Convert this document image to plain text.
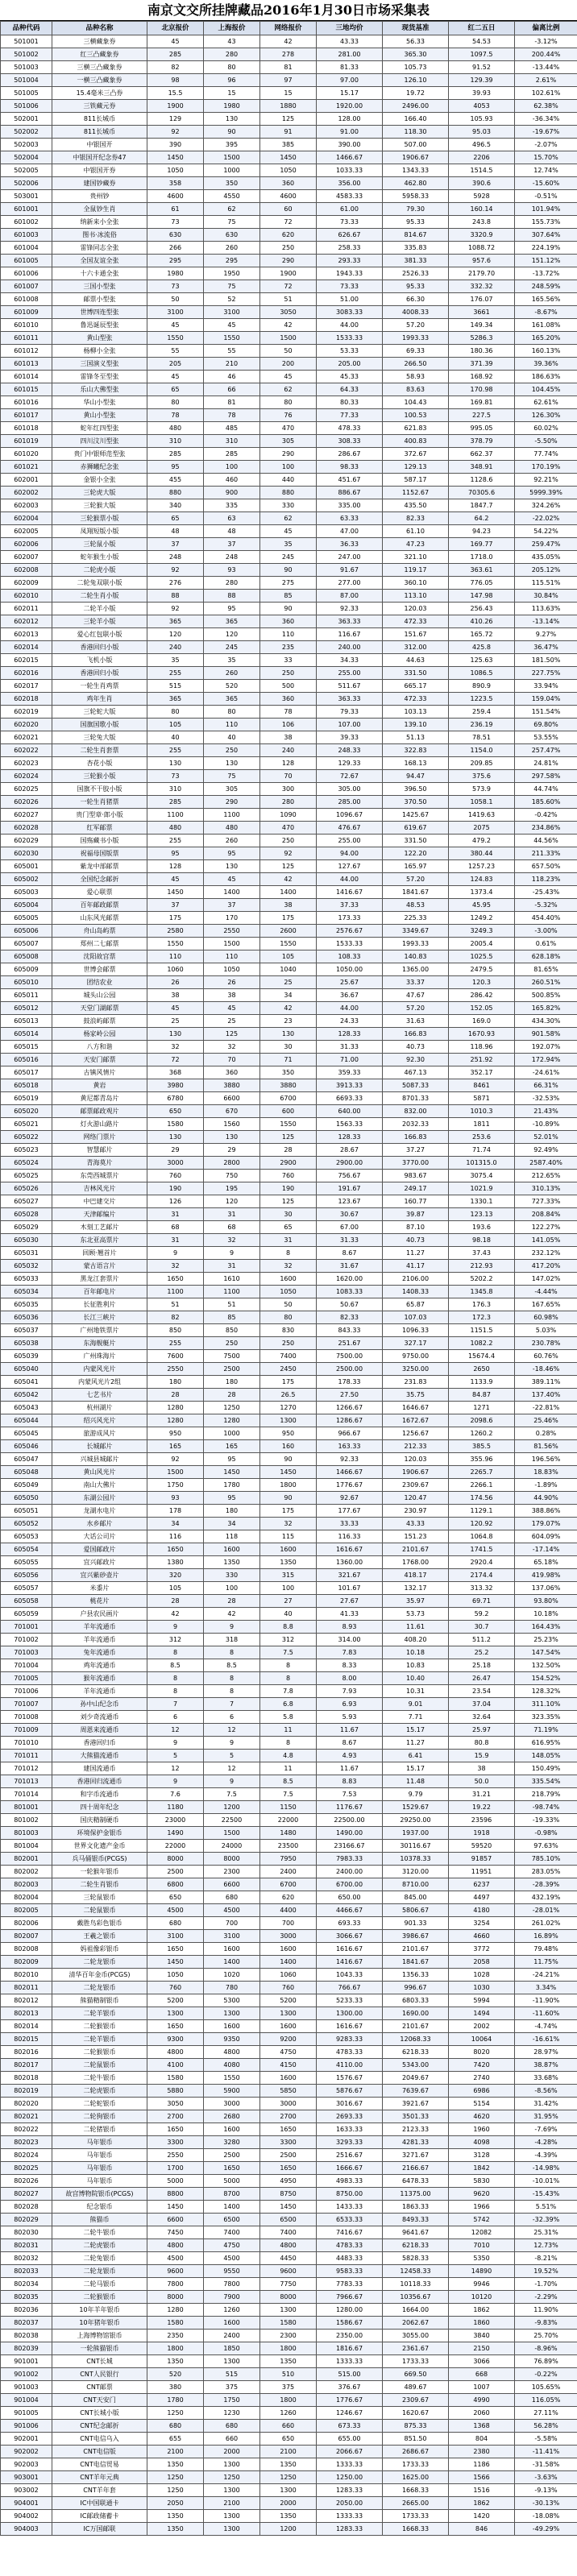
南京文交所挂牌藏品2016年1月30日市场采集表
品种代码	品种名称	北京报价	上海报价	网络报价	三地均价	现货基准	红二五日	偏离比例
501001	三横藏象券	45	43	42	43.33	56.33	54.53	-3.12%
501002	红三凸藏象券	285	280	278	281.00	365.30	1097.5	200.44%
501003	三横三凸藏象券	82	80	81	81.33	105.73	91.52	-13.44%
501004	一横三凸藏象券	98	96	97	97.00	126.10	129.39	2.61%
501005	15.4毫米三凸券	15.5	15	15	15.17	19.72	39.93	102.61%
501006	三铁藏元券	1900	1980	1880	1920.00	2496.00	4053	62.38%
502001	811长城币	129	130	125	128.00	166.40	105.93	-36.34%
502002	811长城币	92	90	91	91.00	118.30	95.03	-19.67%
502003	中银国开	390	395	385	390.00	507.00	496.5	-2.07%
502004	中银国开纪念券47	1450	1500	1450	1466.67	1906.67	2206	15.70%
502005	中银国开券	1050	1000	1050	1033.33	1343.33	1514.5	12.74%
502006	建国钞藏券	358	350	360	356.00	462.80	390.6	-15.60%
503001	贵州钞	4600	4550	4600	4583.33	5958.33	5928	-0.51%
601001	全鼠钞生肖	61	62	60	61.00	79.30	160.14	101.94%
601002	纳新来小全张	73	75	72	73.33	95.33	243.8	155.73%
601003	图书·冰流俗	630	630	620	626.67	814.67	3320.9	307.64%
601004	雷锋同志全张	266	260	250	258.33	335.83	1088.72	224.19%
601005	全国友谊全张	295	295	290	293.33	381.33	957.6	151.12%
601006	十六卡通全张	1980	1950	1900	1943.33	2526.33	2179.70	-13.72%
601007	三国小型张	73	75	72	73.33	95.33	332.32	248.59%
601008	邮票小型张	50	52	51	51.00	66.30	176.07	165.56%
601009	世博四连型张	3100	3100	3050	3083.33	4008.33	3661	-8.67%
601010	鲁迅诞辰型张	45	45	42	44.00	57.20	149.34	161.08%
601011	黄山型张	1550	1550	1500	1533.33	1993.33	5286.3	165.20%
601012	杨柳小全张	55	55	50	53.33	69.33	180.36	160.13%
601013	三国演义型张	205	210	200	205.00	266.50	371.39	39.36%
601014	雷锋冬至型张	45	46	45	45.33	58.93	168.92	186.63%
601015	乐山大佛型张	65	66	62	64.33	83.63	170.98	104.45%
601016	华山小型张	80	81	80	80.33	104.43	169.81	62.61%
601017	黄山小型张	78	78	76	77.33	100.53	227.5	126.30%
601018	蛇年红四型张	480	485	470	478.33	621.83	995.05	60.02%
601019	四川汶川型张	310	310	305	308.33	400.83	378.79	-5.50%
601020	贵门中银师范型张	285	285	290	286.67	372.67	662.37	77.74%
601021	赤狮曦纪念张	95	100	100	98.33	129.13	348.91	170.19%
602001	金银小全张	455	460	440	451.67	587.17	1128.6	92.21%
602002	三轮虎大版	880	900	880	886.67	1152.67	70305.6	5999.39%
602003	三轮猴大版	340	335	330	335.00	435.50	1847.7	324.26%
602004	三轮猴票小版	65	63	62	63.33	82.33	64.2	-22.02%
602005	凤翔短版小版	48	48	45	47.00	61.10	94.23	54.22%
602006	三轮鼠小版	37	37	35	36.33	47.23	169.77	259.47%
602007	蛇年猴生小版	248	248	245	247.00	321.10	1718.0	435.05%
602008	二轮虎小版	92	93	90	91.67	119.17	363.61	205.12%
602009	二轮兔双联小版	276	280	275	277.00	360.10	776.05	115.51%
602010	二轮生肖小版	88	88	85	87.00	113.10	147.98	30.84%
602011	二轮羊小版	92	95	90	92.33	120.03	256.43	113.63%
602012	三轮羊小版	365	365	360	363.33	472.33	410.26	-13.14%
602013	爱心红包联小版	120	120	110	116.67	151.67	165.72	9.27%
602014	香港回归小版	240	245	235	240.00	312.00	425.8	36.47%
602015	飞机小版	35	35	33	34.33	44.63	125.63	181.50%
602016	香港回归小版	255	260	250	255.00	331.50	1086.5	227.75%
602017	一轮生肖鸡票	515	520	500	511.67	665.17	890.9	33.94%
602018	鸡年生肖	365	365	360	363.33	472.33	1223.5	159.04%
602019	三轮蛇大版	80	80	78	79.33	103.13	259.4	151.54%
602020	国旗国歌小版	105	110	106	107.00	139.10	236.19	69.80%
602021	三轮兔大版	40	40	38	39.33	51.13	78.51	53.55%
602022	二轮生肖套票	255	250	240	248.33	322.83	1154.0	257.47%
602023	杏花小版	130	130	128	129.33	168.13	209.85	24.81%
602024	三轮猴小版	73	75	70	72.67	94.47	375.6	297.58%
602025	国旗不干胶小版	310	305	300	305.00	396.50	573.9	44.74%
602026	一轮生肖猪票	285	290	280	285.00	370.50	1058.1	185.60%
602027	贵门型章·郎小版	1100	1100	1090	1096.67	1425.67	1419.63	-0.42%
602028	红军邮票	480	480	470	476.67	619.67	2075	234.86%
602029	国殇藏书小版	255	260	250	255.00	331.50	479.2	44.56%
602030	祝福母国版票	95	95	92	94.00	122.20	380.44	211.33%
605001	紫龙中部邮票	128	130	125	127.67	165.97	1257.23	657.50%
605002	全国纪念邮折	45	45	42	44.00	57.20	124.83	118.23%
605003	爱心联票	1450	1400	1400	1416.67	1841.67	1373.4	-25.43%
605004	百年邮政邮票	37	37	38	37.33	48.53	45.95	-5.32%
605005	山东风光邮票	175	170	175	173.33	225.33	1249.2	454.40%
605006	舟山岛屿票	2580	2550	2600	2576.67	3349.67	3249.3	-3.00%
605007	郑州二七邮票	1550	1500	1550	1533.33	1993.33	2005.4	0.61%
605008	沈阳故宫票	110	110	105	108.33	140.83	1025.5	628.18%
605009	世博会邮票	1060	1050	1040	1050.00	1365.00	2479.5	81.65%
605010	团结农业	26	26	25	25.67	33.37	120.3	260.51%
605011	城头山公园	38	38	34	36.67	47.67	286.42	500.85%
605012	天堂门湖邮票	45	45	42	44.00	57.20	152.05	165.82%
605013	鼓浪屿邮票	25	25	23	24.33	31.63	169.0	434.30%
605014	杨家岭公园	130	125	130	128.33	166.83	1670.93	901.58%
605015	八方和谐	32	32	30	31.33	40.73	118.96	192.07%
605016	天安门邮票	72	70	71	71.00	92.30	251.92	172.94%
605017	古镇风情片	368	360	350	359.33	467.13	352.17	-24.61%
605018	黄岩	3980	3880	3880	3913.33	5087.33	8461	66.31%
605019	黄尼都青岛片	6780	6600	6700	6693.33	8701.33	5871	-32.53%
605020	邮票邮政观片	650	670	600	640.00	832.00	1010.3	21.43%
605021	灯火游山路片	1580	1560	1550	1563.33	2032.33	1811	-10.89%
605022	网络门票片	130	130	125	128.33	166.83	253.6	52.01%
605023	智慧邮片	29	29	28	28.67	37.27	71.74	92.49%
605024	青海莫片	3000	2800	2900	2900.00	3770.00	101315.0	2587.40%
605025	东莞西城票片	760	750	760	756.67	983.67	3075.4	212.65%
605026	吉林风光片	190	195	190	191.67	249.17	1021.9	310.13%
605027	中巴建交片	126	120	125	123.67	160.77	1330.1	727.33%
605028	天津邮编片	31	31	30	30.67	39.87	123.13	208.84%
605029	木刻工艺邮片	68	68	65	67.00	87.10	193.6	122.27%
605030	东北亚高票片	31	32	31	31.33	40.73	98.18	141.05%
605031	回顾·翘首片	9	9	8	8.67	11.27	37.43	232.12%
605032	蒙古语言片	32	31	32	31.67	41.17	212.93	417.20%
605033	黑龙江套票片	1650	1610	1600	1620.00	2106.00	5202.2	147.02%
605034	百年邮电片	1100	1100	1050	1083.33	1408.33	1345.8	-4.44%
605035	长征胜利片	51	51	50	50.67	65.87	176.3	167.65%
605036	长江三峡片	82	85	80	82.33	107.03	172.3	60.98%
605037	广州地铁票片	850	850	830	843.33	1096.33	1151.5	5.03%
605038	东海舰艇片	255	250	250	251.67	327.17	1082.2	230.78%
605039	广州珠海片	7600	7500	7400	7500.00	9750.00	15674.4	60.76%
605040	内蒙风光片	2550	2500	2450	2500.00	3250.00	2650	-18.46%
605041	内蒙风光片2组	180	180	175	178.33	231.83	1133.9	389.11%
605042	七艺书片	28	28	26.5	27.50	35.75	84.87	137.40%
605043	杭州湖片	1280	1250	1270	1266.67	1646.67	1271	-22.81%
605044	绍兴风光片	1280	1280	1300	1286.67	1672.67	2098.6	25.46%
605045	旅游成风片	950	1000	950	966.67	1256.67	1260.2	0.28%
605046	长城邮片	165	165	160	163.33	212.33	385.5	81.56%
605047	兴城县城邮片	92	95	90	92.33	120.03	355.96	196.56%
605048	黄山风光片	1500	1450	1450	1466.67	1906.67	2265.7	18.83%
605049	南山大佛片	1750	1780	1800	1776.67	2309.67	2266.1	-1.89%
605050	东湖公园片	93	95	90	92.67	120.47	174.56	44.90%
605051	龙湖水电片	178	180	175	177.67	230.97	1129.1	388.86%
605052	水乡邮片	34	34	32	33.33	43.33	120.92	179.07%
605053	大话公司片	116	118	115	116.33	151.23	1064.8	604.09%
605054	爱国邮政片	1650	1600	1600	1616.67	2101.67	1741.5	-17.14%
605055	宜兴邮政片	1380	1350	1350	1360.00	1768.00	2920.4	65.18%
605056	宜兴紫砂壶片	320	330	315	321.67	418.17	2174.4	419.98%
605057	米黍片	105	100	100	101.67	132.17	313.32	137.06%
605058	桃花片	28	28	27	27.67	35.97	69.71	93.80%
605059	户县农民画片	42	42	40	41.33	53.73	59.2	10.18%
701001	羊年流通币	9	9	8.8	8.93	11.61	30.7	164.43%
701002	羊年流通币	312	318	312	314.00	408.20	511.2	25.23%
701003	兔年流通币	8	8	7.5	7.83	10.18	25.2	147.54%
701004	鸡年流通币	8.5	8.5	8	8.33	10.83	25.18	132.50%
701005	猴年流通币	8	8	8	8.00	10.40	26.47	154.52%
701006	羊年流通币	8	8	7.8	7.93	10.31	23.54	128.32%
701007	孙中山纪念币	7	7	6.8	6.93	9.01	37.04	311.10%
701008	刘少奇流通币	6	6	5.8	5.93	7.71	32.64	323.35%
701009	周恩来流通币	12	12	11	11.67	15.17	25.97	71.19%
701010	香港回归币	9	9	8	8.67	11.27	80.8	616.95%
701011	大熊猫流通币	5	5	4.8	4.93	6.41	15.9	148.05%
701012	建国流通币	12	12	11	11.67	15.17	38	150.49%
701013	香港回归流通币	9	9	8.5	8.83	11.48	50.0	335.54%
701014	和字币流通币	7.6	7.5	7.5	7.53	9.79	31.21	218.79%
801001	四十周年纪念	1180	1200	1150	1176.67	1529.67	19.22	-98.74%
801002	国庆精制硬币	23000	22500	22000	22500.00	29250.00	23596	-19.33%
801003	环境保护金银币	1490	1500	1480	1490.00	1937.00	1918	-0.98%
801004	世界文化遗产金币	22000	24000	23500	23166.67	30116.67	59520	97.63%
802001	兵马俑银币(PCGS)	8000	8000	7950	7983.33	10378.33	91857	785.10%
802002	一轮猴年银币	2500	2300	2400	2400.00	3120.00	11951	283.05%
802003	二轮生肖银币	6800	6600	6700	6700.00	8710.00	6237	-28.39%
802004	三轮鼠银币	650	680	620	650.00	845.00	4497	432.19%
802005	二轮鼠银币	4500	4500	4400	4466.67	5806.67	4180	-28.01%
802006	戴胜鸟彩色银币	680	700	700	693.33	901.33	3254	261.02%
802007	王羲之银币	3100	3100	3000	3066.67	3986.67	4660	16.89%
802008	妈祖像彩银币	1650	1600	1600	1616.67	2101.67	3772	79.48%
802009	二轮龙银币	1450	1400	1400	1416.67	1841.67	2058	11.75%
802010	清华百年金币(PCGS)	1050	1020	1060	1043.33	1356.33	1028	-24.21%
802011	二轮龙银币	760	780	760	766.67	996.67	1030	3.34%
802012	熊猫精制银币	5200	5300	5200	5233.33	6803.33	5994	-11.90%
802013	二轮羊银币	1300	1300	1300	1300.00	1690.00	1494	-11.60%
802014	二轮猴银币	1650	1600	1600	1616.67	2101.67	2002	-4.74%
802015	二轮羊银币	9300	9350	9200	9283.33	12068.33	10064	-16.61%
802016	二轮猴银币	4800	4800	4750	4783.33	6218.33	8020	28.97%
802017	二轮鼠银币	4100	4080	4150	4110.00	5343.00	7420	38.87%
802018	二轮牛银币	1580	1550	1600	1576.67	2049.67	2740	33.68%
802019	二轮虎银币	5880	5900	5850	5876.67	7639.67	6986	-8.56%
802020	二轮蛇银币	3050	3000	3000	3016.67	3921.67	5154	31.42%
802021	二轮狗银币	2700	2680	2700	2693.33	3501.33	4620	31.95%
802022	二轮猪银币	1650	1600	1650	1633.33	2123.33	1960	-7.69%
802023	马年银币	3300	3280	3300	3293.33	4281.33	4098	-4.28%
802024	马年银币	2550	2500	2500	2516.67	3271.67	3128	-4.39%
802025	马年银币	1700	1650	1650	1666.67	2166.67	1842	-14.98%
802026	马年银币	5000	5000	4950	4983.33	6478.33	5830	-10.01%
802027	故宫博物院银币(PCGS)	8800	8700	8750	8750.00	11375.00	9620	-15.43%
802028	纪念银币	1450	1400	1450	1433.33	1863.33	1966	5.51%
802029	熊猫币	6600	6500	6500	6533.33	8493.33	5742	-32.39%
802030	二轮牛银币	7450	7400	7400	7416.67	9641.67	12082	25.31%
802031	二轮虎银币	4800	4750	4800	4783.33	6218.33	7010	12.73%
802032	二轮兔银币	4500	4500	4450	4483.33	5828.33	5350	-8.21%
802033	二轮龙银币	9600	9550	9600	9583.33	12458.33	14890	19.52%
802034	二轮马银币	7800	7800	7750	7783.33	10118.33	9946	-1.70%
802035	二轮猴银币	8000	7900	8000	7966.67	10356.67	10120	-2.29%
802036	10年羊年银币	1280	1260	1300	1280.00	1664.00	1862	11.90%
802037	10年猪年银币	1580	1600	1580	1586.67	2062.67	1860	-9.83%
802038	上海博物馆银币	2350	2400	2300	2350.00	3055.00	3840	25.70%
802039	一轮熊猫银币	1800	1850	1800	1816.67	2361.67	2150	-8.96%
901001	CNT长城	1350	1300	1350	1333.33	1733.33	3066	76.89%
901002	CNT人民银行	520	515	510	515.00	669.50	668	-0.22%
901003	CNT邮票	380	375	375	376.67	489.67	1007	105.65%
901004	CNT天安门	1780	1750	1800	1776.67	2309.67	4990	116.05%
901005	CNT长城小版	1250	1230	1260	1246.67	1620.67	2060	27.11%
901006	CNT纪念邮折	680	680	660	673.33	875.33	1368	56.28%
902001	CNT电信乌入	655	660	650	655.00	851.50	804	-5.58%
902002	CNT电信版	2100	2000	2100	2066.67	2686.67	2380	-11.41%
902003	CNT电信贸易	1350	1300	1350	1333.33	1733.33	1186	-31.58%
903001	CNT羊年元典	1250	1250	1250	1250.00	1625.00	1566	-3.63%
903002	CNT羊年套	1250	1300	1300	1283.33	1668.33	1516	-9.13%
904001	IC中国联通卡	2050	2100	2000	2050.00	2665.00	1862	-30.13%
904002	IC邮政储蓄卡	1350	1300	1350	1333.33	1733.33	1420	-18.08%
904003	IC万国邮联	1350	1300	1200	1283.33	1668.33	846	-49.29%
